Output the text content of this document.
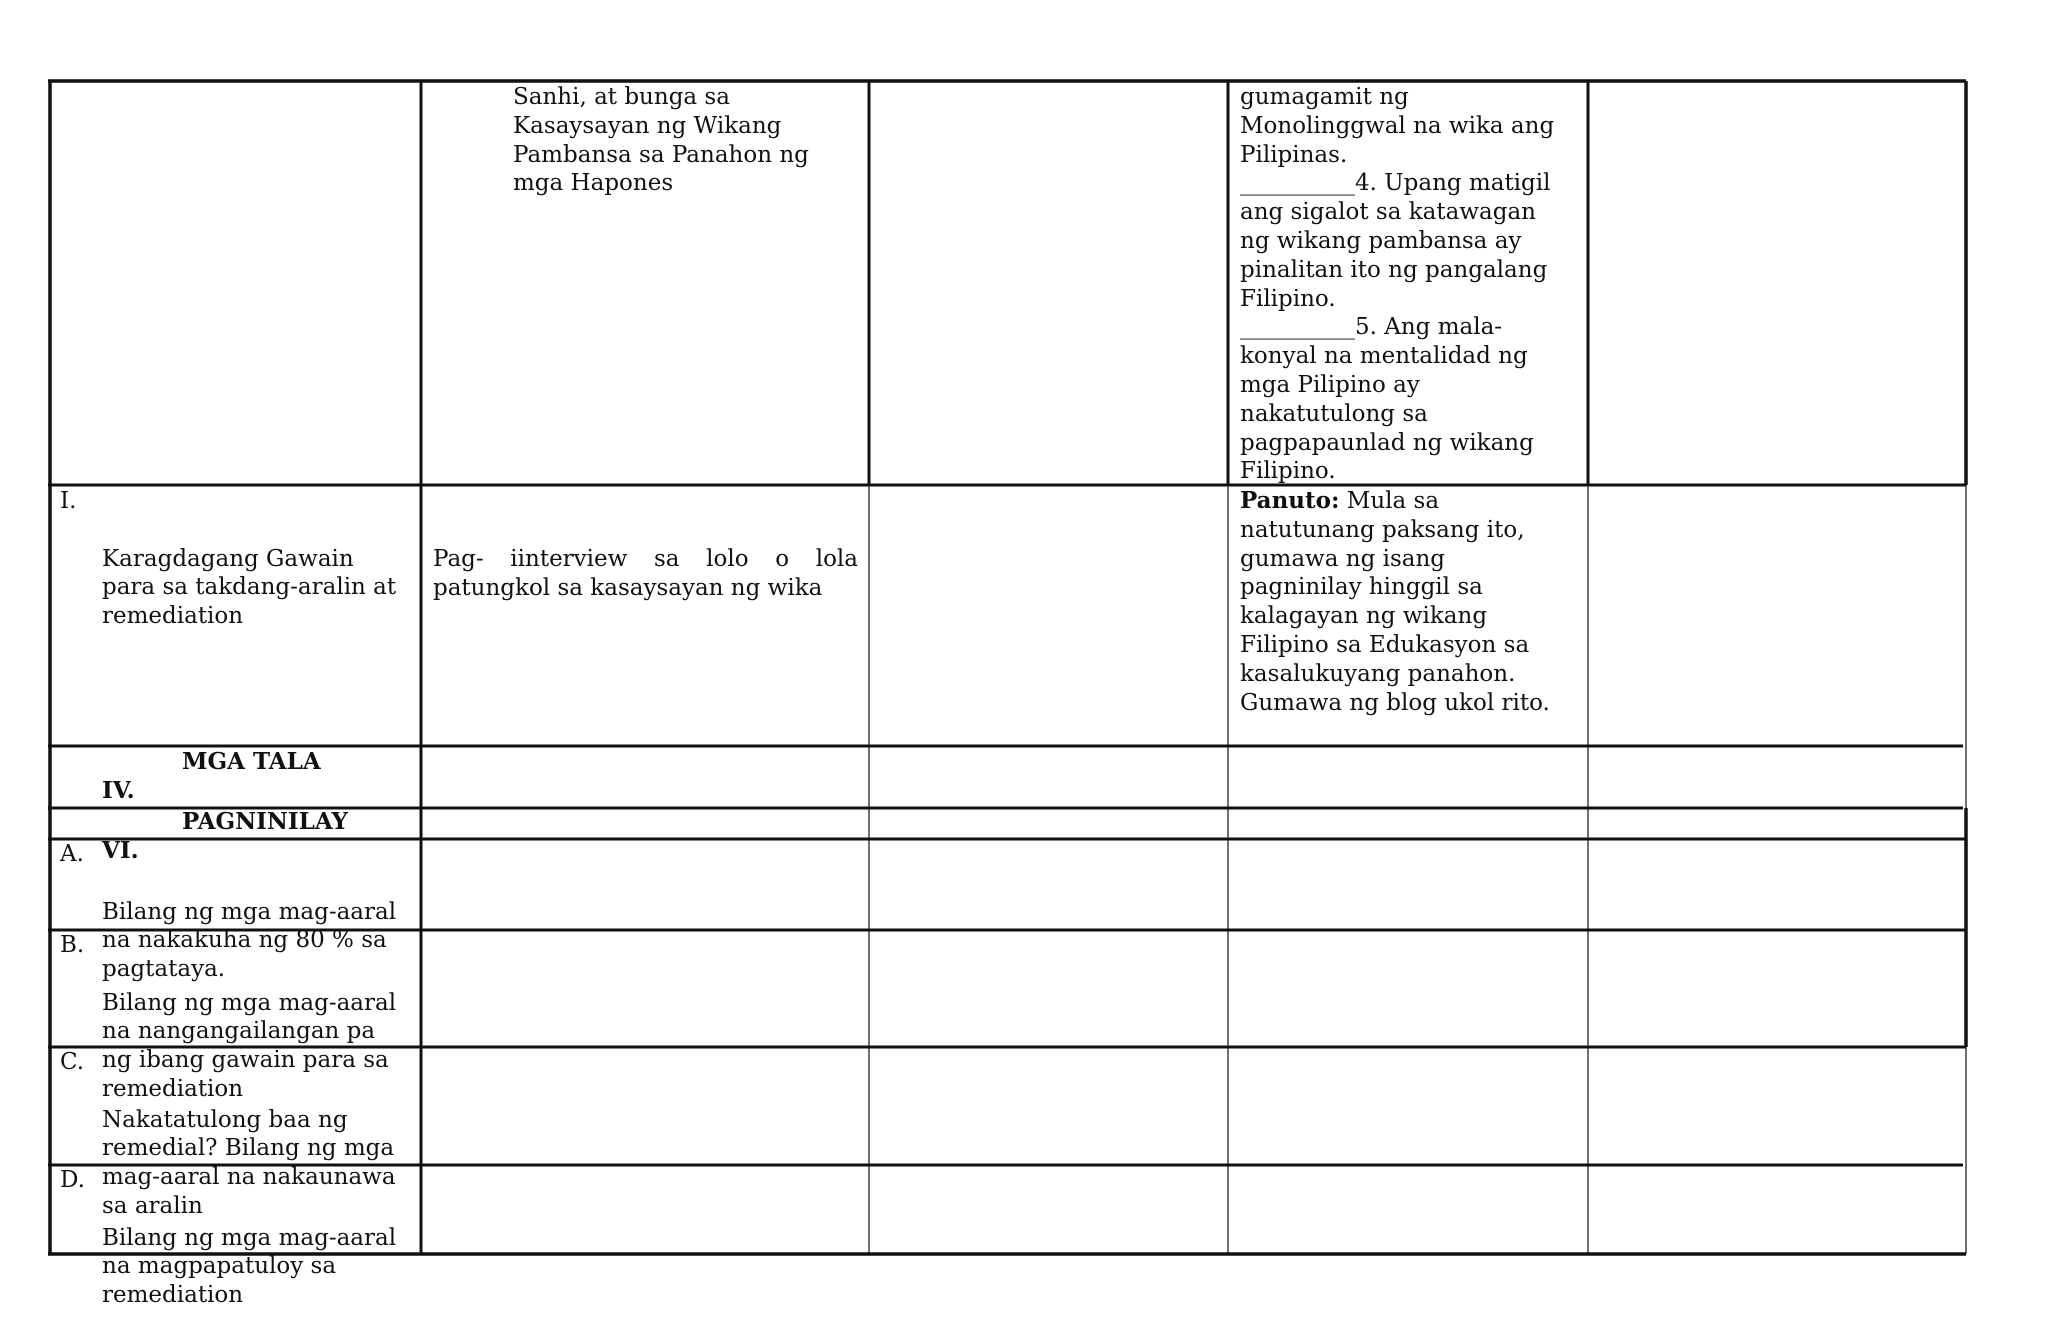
Sanhi, at bunga sa
Kasaysayan ng Wikang
Pambansa sa Panahon ng
mga Hapones
gumagamit ng
Monolinggwal na wika ang
Pilipinas.
__________4. Upang matigil
ang sigalot sa katawagan
ng wikang pambansa ay
pinalitan ito ng pangalang
Filipino.
__________5. Ang mala-
konyal na mentalidad ng
mga Pilipino ay
nakatutulong sa
pagpapaunlad ng wikang
Filipino.

I.

Karagdagang Gawain
para sa takdang-aralin at
remediation

Pag-   iinterview   sa   lolo   o   lola
patungkol sa kasaysayan ng wika
Panuto: Mula sa
natutunang paksang ito,
gumawa ng isang
pagninilay hinggil sa
kalagayan ng wikang
Filipino sa Edukasyon sa
kasalukuyang panahon.
Gumawa ng blog ukol rito.

IV.

MGA TALA

VI.

PAGNINILAY

A.

Bilang ng mga mag-aaral
na nakakuha ng 80 % sa
pagtataya.

B.

Bilang ng mga mag-aaral
na nangangailangan pa
ng ibang gawain para sa
remediation

C.

Nakatatulong baa ng
remedial? Bilang ng mga
mag-aaral na nakaunawa
sa aralin

D.

Bilang ng mga mag-aaral
na magpapatuloy sa
remediation
